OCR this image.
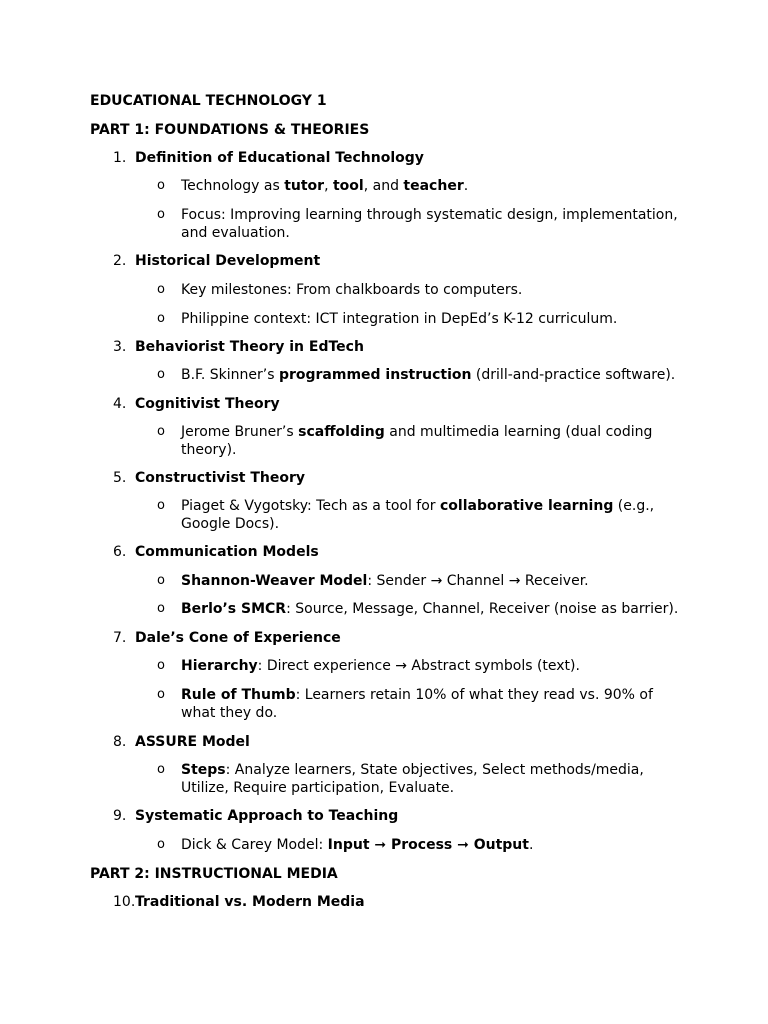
EDUCATIONAL TECHNOLOGY 1
PART 1: FOUNDATIONS & THEORIES
1. Definition of Educational Technology
o Technology as tutor, tool, and teacher.
o Focus: Improving learning through systematic design, implementation,
and evaluation.
2. Historical Development
o Key milestones: From chalkboards to computers.
o Philippine context: ICT integration in DepEd’s K-12 curriculum.
3. Behaviorist Theory in EdTech
o B.F. Skinner’s programmed instruction (drill-and-practice software).
4. Cognitivist Theory
o Jerome Bruner’s scaffolding and multimedia learning (dual coding
theory).
5. Constructivist Theory
o Piaget & Vygotsky: Tech as a tool for collaborative learning (e.g.,
Google Docs).
6. Communication Models
o Shannon-Weaver Model: Sender → Channel → Receiver.
o Berlo’s SMCR: Source, Message, Channel, Receiver (noise as barrier).
7. Dale’s Cone of Experience
o Hierarchy: Direct experience → Abstract symbols (text).
o Rule of Thumb: Learners retain 10% of what they read vs. 90% of
what they do.
8. ASSURE Model
o Steps: Analyze learners, State objectives, Select methods/media,
Utilize, Require participation, Evaluate.
9. Systematic Approach to Teaching
o Dick & Carey Model: Input ➞ Process ➞ Output.
PART 2: INSTRUCTIONAL MEDIA
10. Traditional vs. Modern Media
